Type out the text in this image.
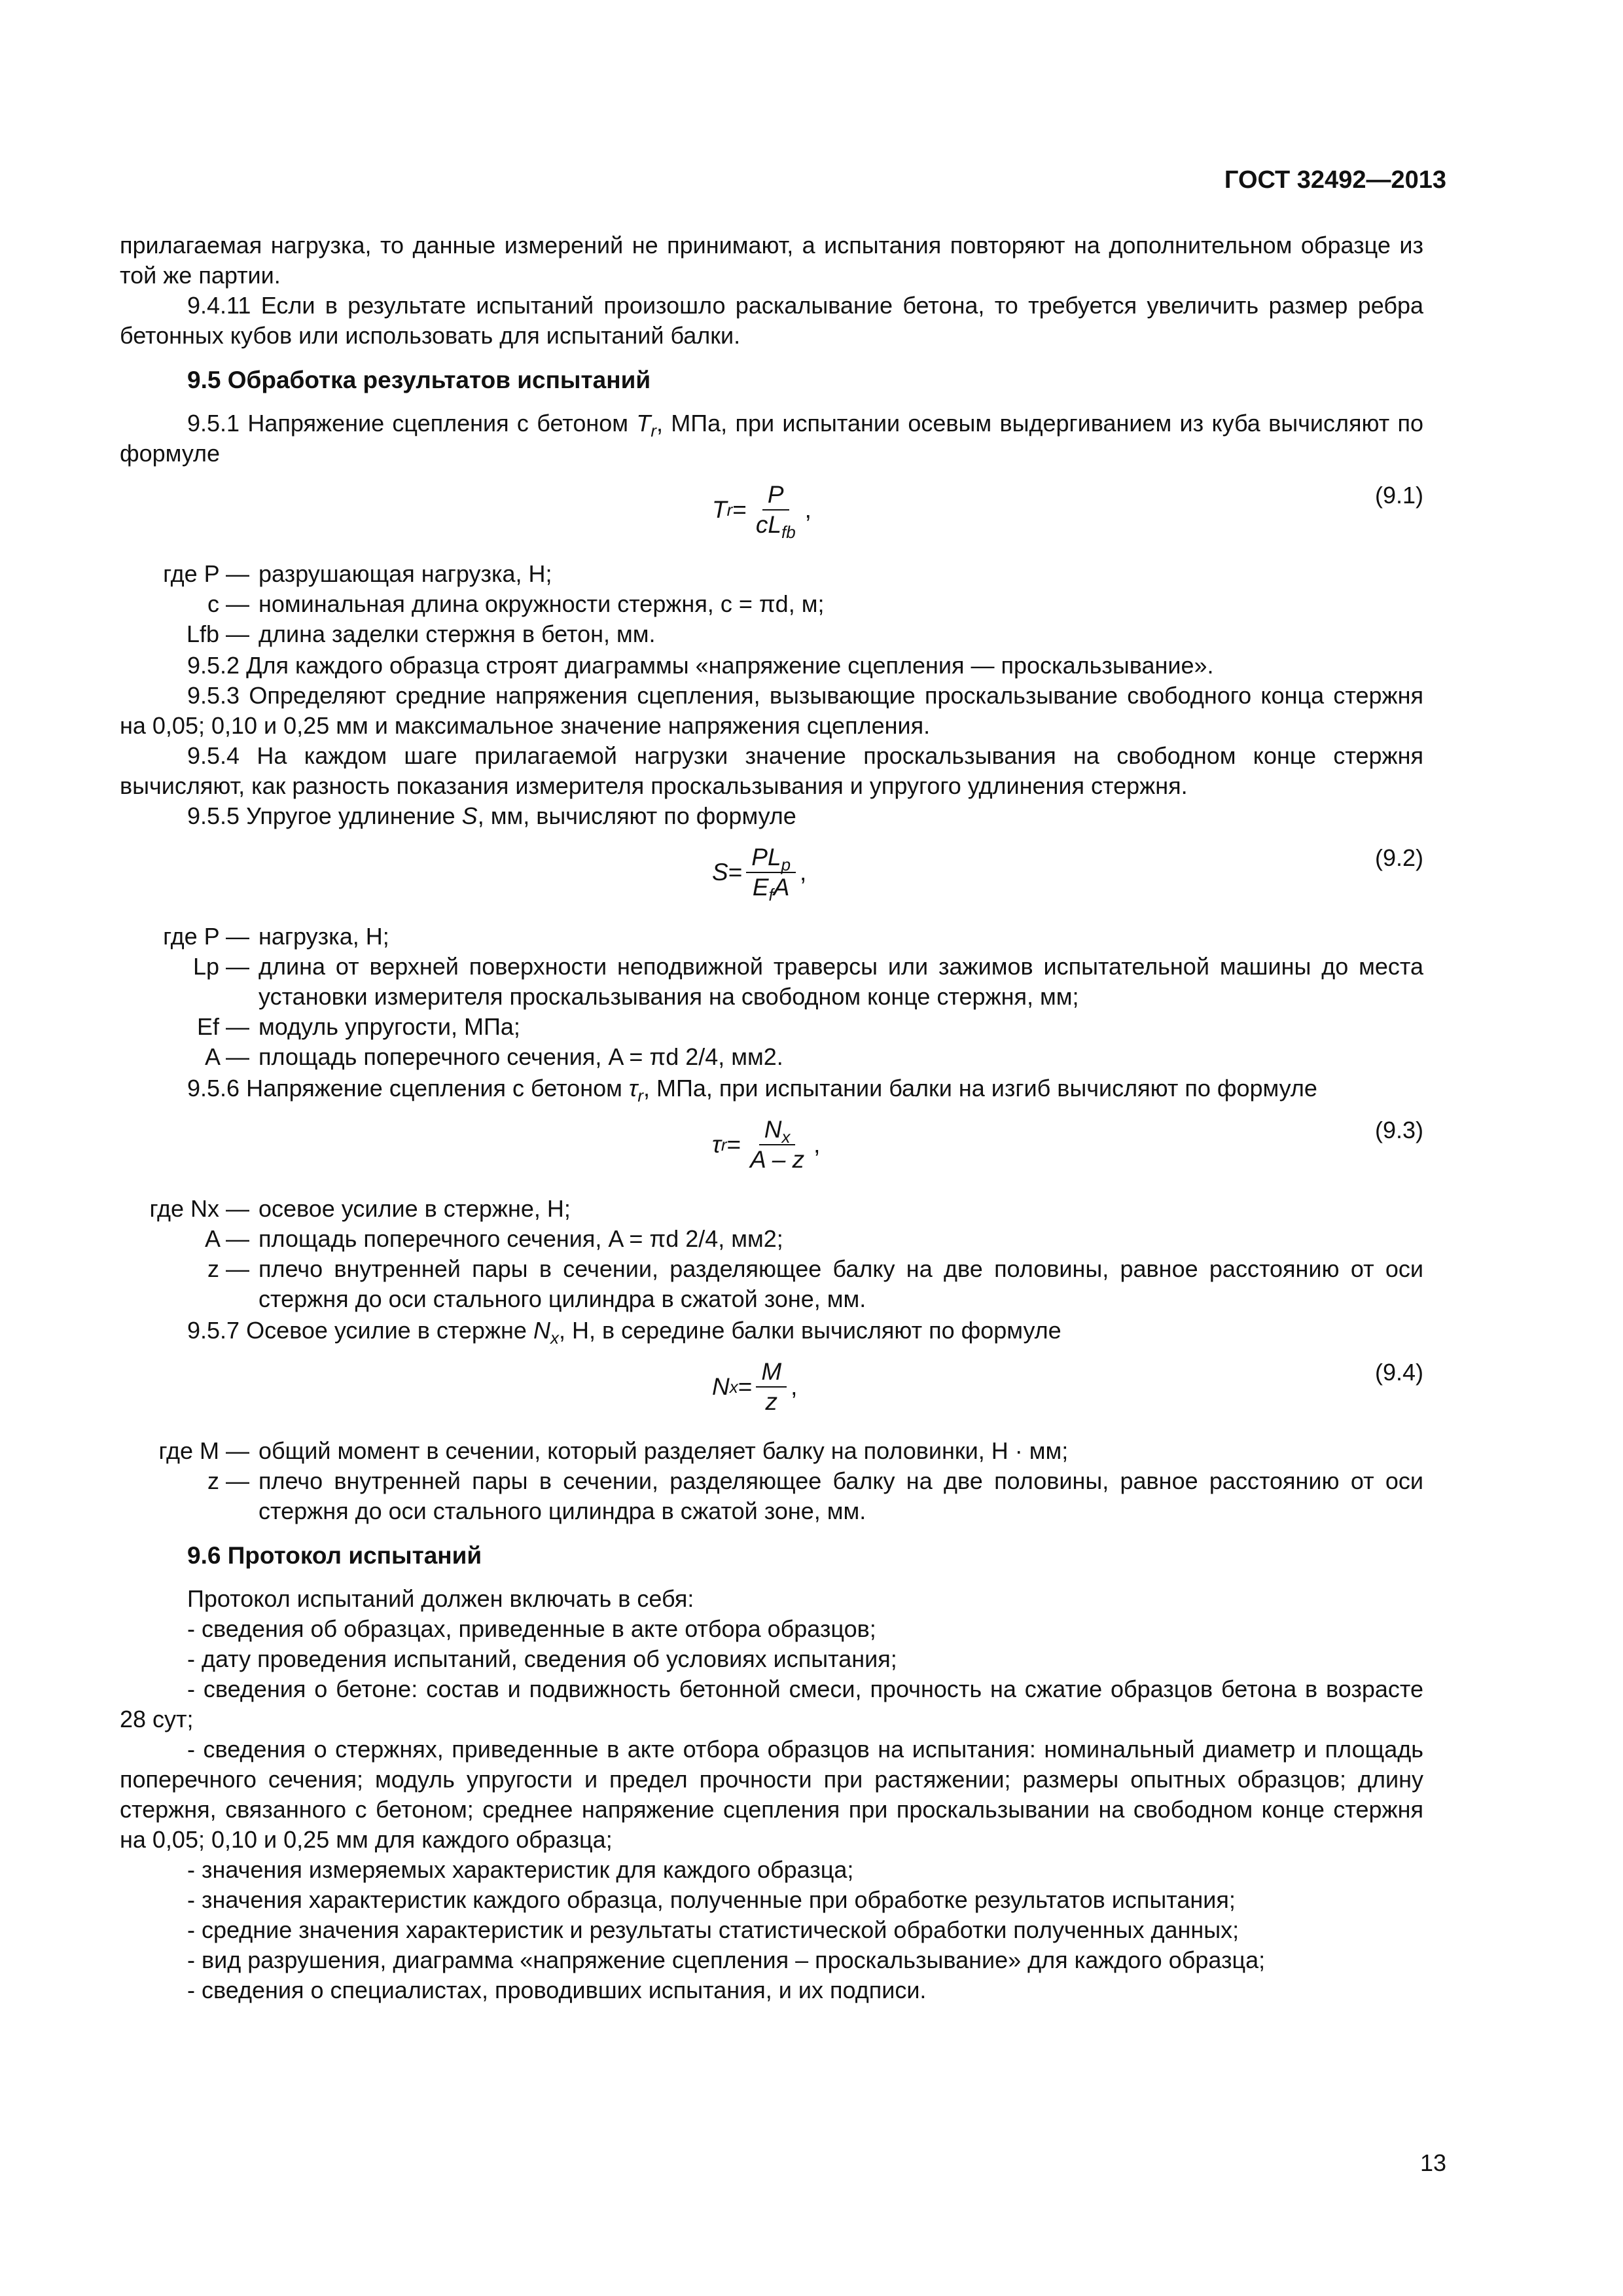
ГОСТ 32492—2013

прилагаемая нагрузка, то данные измерений не принимают, а испытания повторяют на дополнительном образце из той же партии.

9.4.11 Если в результате испытаний произошло раскалывание бетона, то требуется увеличить размер ребра бетонных кубов или использовать для испытаний балки.

9.5 Обработка результатов испытаний

9.5.1 Напряжение сцепления с бетоном $T_r$, МПа, при испытании осевым выдергиванием из куба вычисляют по формуле

T $r = \frac{P}{cL_{fb}}$ ,
(9.1)
где P — разрушающая нагрузка, Н;
c — номинальная длина окружности стержня, c = πd, м;
Lfb — длина заделки стержня в бетон, мм.

9.5.2 Для каждого образца строят диаграммы «напряжение сцепления — проскальзывание».

9.5.3 Определяют средние напряжения сцепления, вызывающие проскальзывание свободного конца стержня на 0,05; 0,10 и 0,25 мм и максимальное значение напряжения сцепления.

9.5.4 На каждом шаге прилагаемой нагрузки значение проскальзывания на свободном конце стержня вычисляют, как разность показания измерителя проскальзывания и упругого удлинения стержня.

9.5.5 Упругое удлинение S, мм, вычисляют по формуле

$S = \frac{PL_p}{E_fA}$ ,
(9.2)
где P — нагрузка, Н;
Lp — длина от верхней поверхности неподвижной траверсы или зажимов испытательной машины до места установки измерителя проскальзывания на свободном конце стержня, мм;
Ef — модуль упругости, МПа;
A — площадь поперечного сечения, A = πd 2/4, мм2.

9.5.6 Напряжение сцепления с бетоном $\tau_r$, МПа, при испытании балки на изгиб вычисляют по формуле

τ $r = \frac{N_x}{A - z}$ ,
(9.3)
где Nx — осевое усилие в стержне, Н;
A — площадь поперечного сечения, A = πd 2/4, мм2;
z — плечо внутренней пары в сечении, разделяющее балку на две половины, равное расстоянию от оси стержня до оси стального цилиндра в сжатой зоне, мм.

9.5.7 Осевое усилие в стержне $N_x$, Н, в середине балки вычисляют по формуле

N $x = \frac{M}{z}$ ,
(9.4)
где M — общий момент в сечении, который разделяет балку на половинки, Н · мм;
z — плечо внутренней пары в сечении, разделяющее балку на две половины, равное расстоянию от оси стержня до оси стального цилиндра в сжатой зоне, мм.
9.6 Протокол испытаний

Протокол испытаний должен включать в себя:

- сведения об образцах, приведенные в акте отбора образцов;

- дату проведения испытаний, сведения об условиях испытания;

- сведения о бетоне: состав и подвижность бетонной смеси, прочность на сжатие образцов бетона в возрасте 28 сут;

- сведения о стержнях, приведенные в акте отбора образцов на испытания: номинальный диаметр и площадь поперечного сечения; модуль упругости и предел прочности при растяжении; размеры опытных образцов; длину стержня, связанного с бетоном; среднее напряжение сцепления при проскальзывании на свободном конце стержня на 0,05; 0,10 и 0,25 мм для каждого образца;

- значения измеряемых характеристик для каждого образца;

- значения характеристик каждого образца, полученные при обработке результатов испытания;

- средние значения характеристик и результаты статистической обработки полученных данных;

- вид разрушения, диаграмма «напряжение сцепления – проскальзывание» для каждого образца;

- сведения о специалистах, проводивших испытания, и их подписи.

13
